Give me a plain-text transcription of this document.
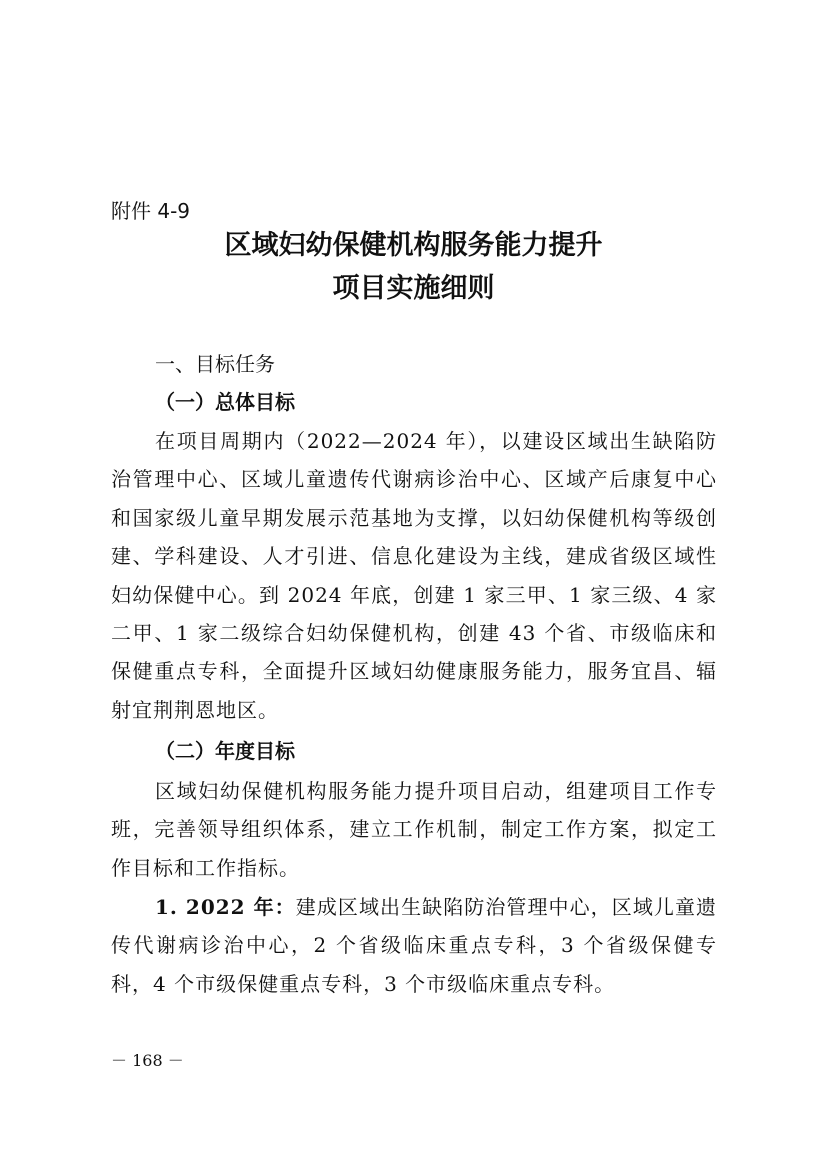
附件 4-9
区域妇幼保健机构服务能力提升
项目实施细则
一、目标任务
（一）总体目标

在项目周期内（2022—2024 年），以建设区域出生缺陷防治管理中心、区域儿童遗传代谢病诊治中心、区域产后康复中心和国家级儿童早期发展示范基地为支撑，以妇幼保健机构等级创建、学科建设、人才引进、信息化建设为主线，建成省级区域性妇幼保健中心。到 2024 年底，创建 1 家三甲、1 家三级、4 家二甲、1 家二级综合妇幼保健机构，创建 43 个省、市级临床和保健重点专科，全面提升区域妇幼健康服务能力，服务宜昌、辐射宜荆荆恩地区。

（二）年度目标

区域妇幼保健机构服务能力提升项目启动，组建项目工作专班，完善领导组织体系，建立工作机制，制定工作方案，拟定工作目标和工作指标。

1. 2022 年：建成区域出生缺陷防治管理中心，区域儿童遗传代谢病诊治中心，2 个省级临床重点专科，3 个省级保健专科，4 个市级保健重点专科，3 个市级临床重点专科。

－ 168 －
